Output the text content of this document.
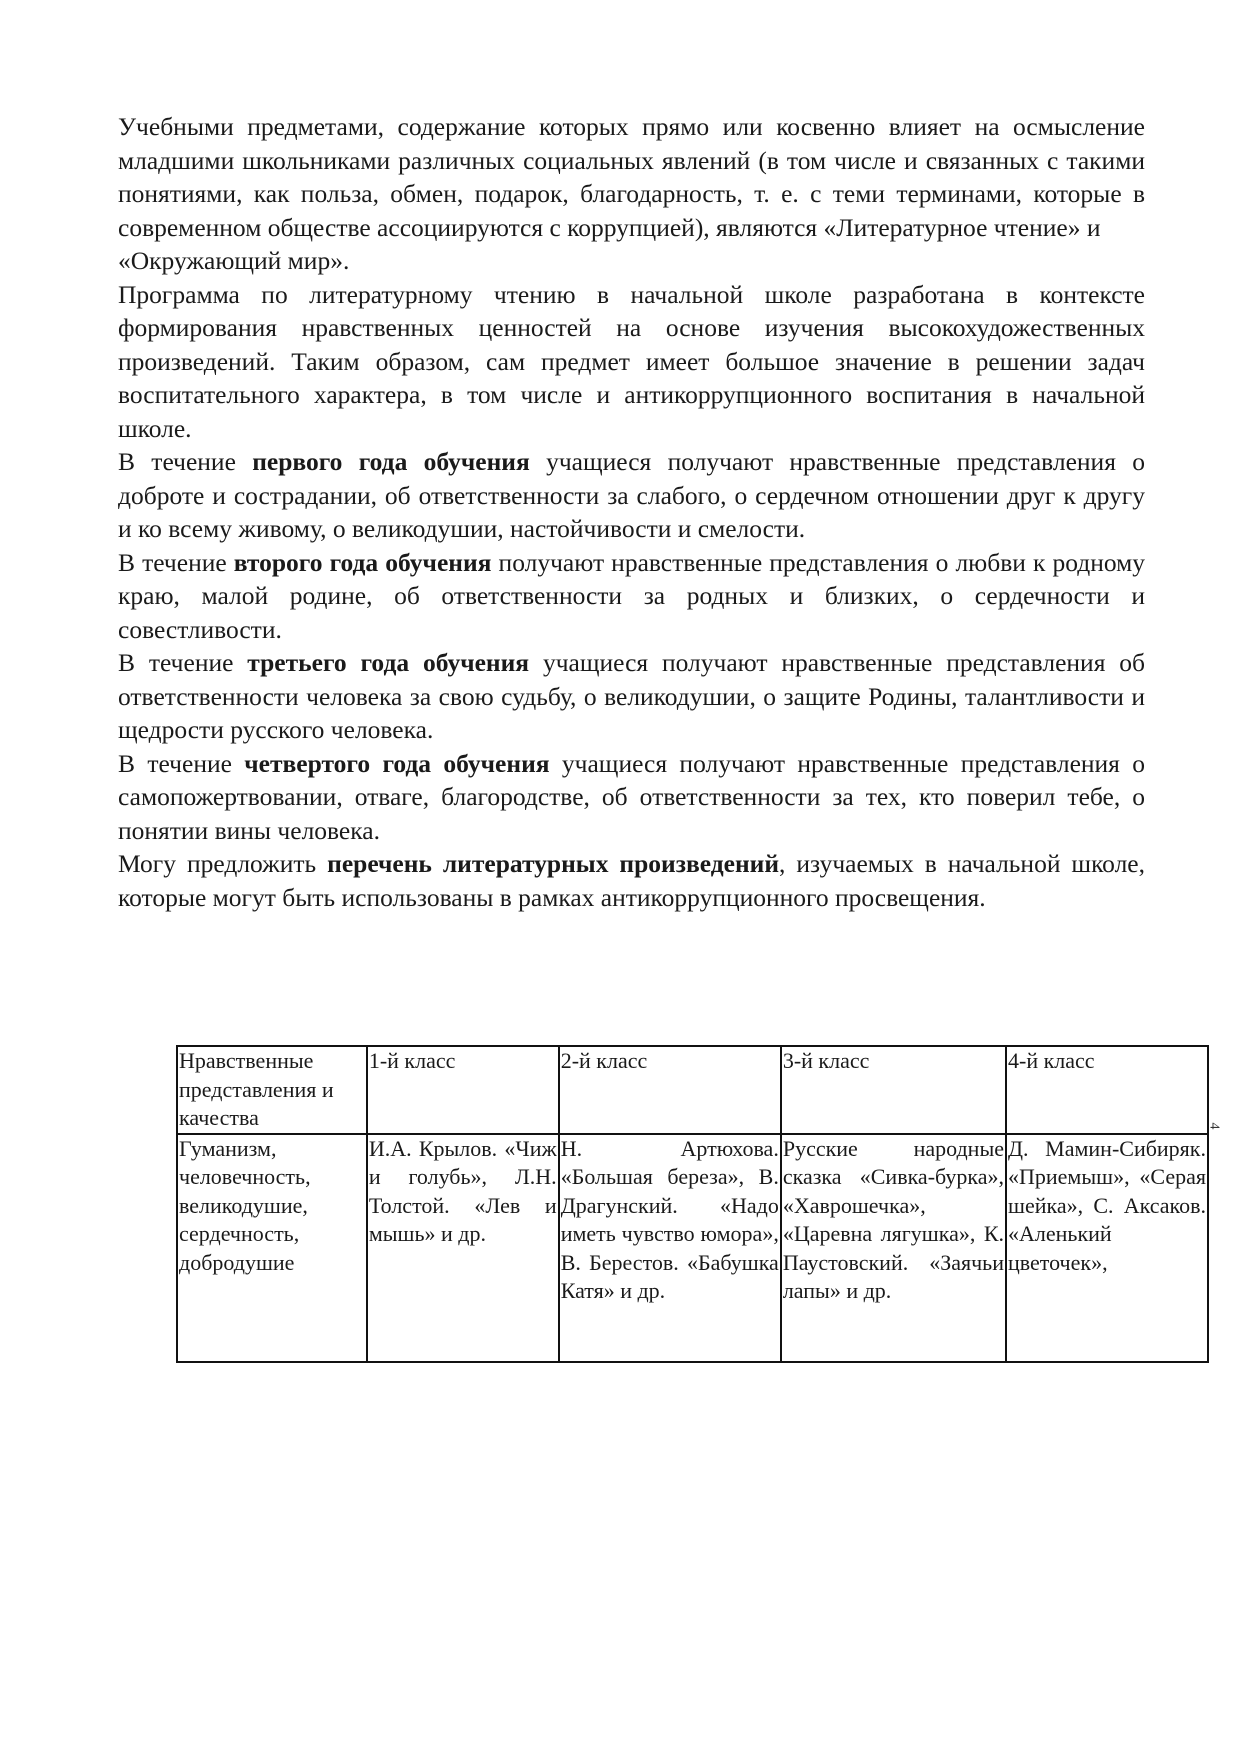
Учебными предметами, содержание которых прямо или косвенно влияет на осмысление младшими школьниками различных социальных явлений (в том числе и связанных с такими понятиями, как польза, обмен, подарок, благодарность, т. е. с теми терминами, которые в современном обществе ассоциируются с коррупцией), являются «Литературное чтение» и
«Окружающий мир».

Программа по литературному чтению в начальной школе разработана в контексте формирования нравственных ценностей на основе изучения высокохудожественных произведений. Таким образом, сам предмет имеет большое значение в решении задач воспитательного характера, в том числе и антикоррупционного воспитания в начальной школе.

В течение первого года обучения учащиеся получают нравственные представления о доброте и сострадании, об ответственности за слабого, о сердечном отношении друг к другу и ко всему живому, о великодушии, настойчивости и смелости.

В течение второго года обучения получают нравственные представления о любви к родному краю, малой родине, об ответственности за родных и близких, о сердечности и совестливости.

В течение третьего года обучения учащиеся получают нравственные представления об ответственности человека за свою судьбу, о великодушии, о защите Родины, талантливости и щедрости русского человека.

В течение четвертого года обучения учащиеся получают нравственные представления о самопожертвовании, отваге, благородстве, об ответственности за тех, кто поверил тебе, о понятии вины человека.

Могу предложить перечень литературных произведений, изучаемых в начальной школе, которые могут быть использованы в рамках антикоррупционного просвещения.

Нравственные представления и качества	1-й класс	2-й класс	3-й класс	4-й класс
Гуманизм, человечность, великодушие, сердечность, добродушие	И.А. Крылов. «Чиж и голубь», Л.Н. Толстой. «Лев и мышь» и др.	Н. Артюхова. «Большая береза», В. Драгунский. «Надо иметь чувство юмора», В. Берестов. «Бабушка Катя» и др.	Русские народные сказка «Сивка-бурка», «Хаврошечка», «Царевна лягушка», К. Паустовский. «Заячьи лапы» и др.	Д. Мамин-Сибиряк. «Приемыш», «Серая шейка», С. Аксаков. «Аленький цветочек»,
4
